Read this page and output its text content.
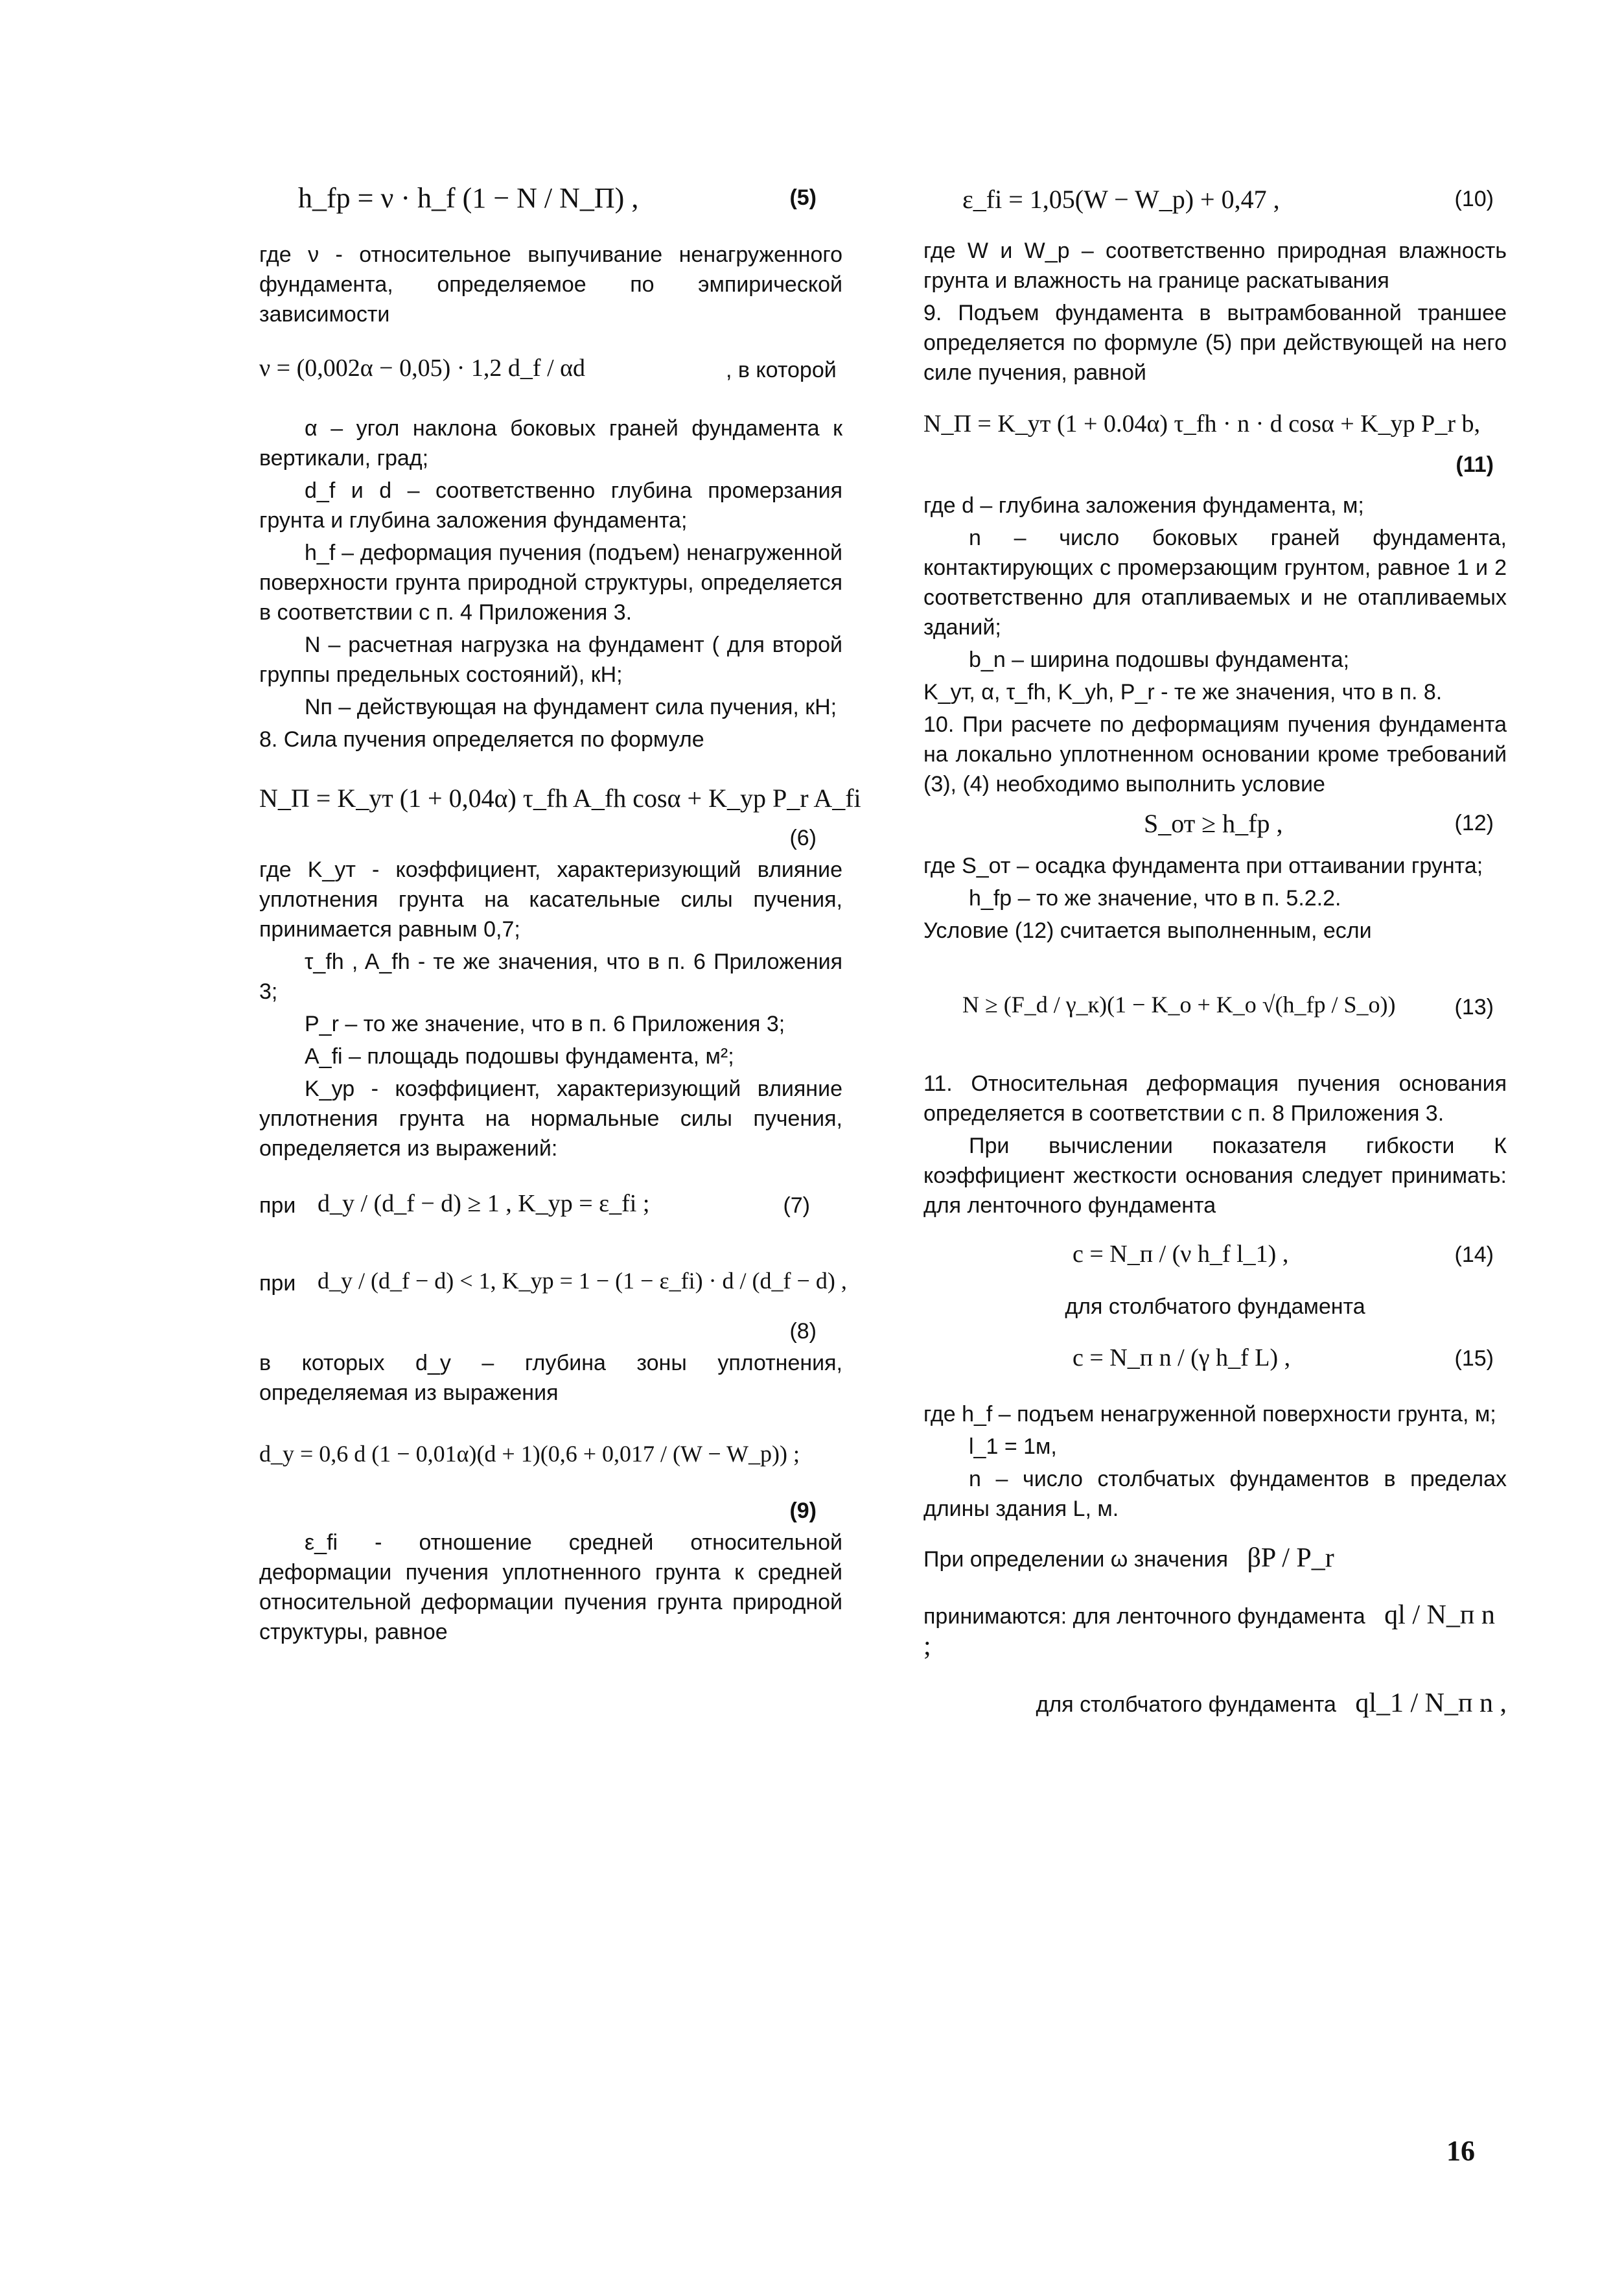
h_fp = ν · h_f (1 − N / N_П) ,	(5)

где ν - относительное выпучивание ненагруженного фундамента, определяемое по эмпирической зависимости

ν = (0,002α − 0,05) · 1,2 d_f / αd	, в которой

α – угол наклона боковых граней фундамента к вертикали, град;

d_f и d – соответственно глубина промерзания грунта и глубина заложения фундамента;

h_f – деформация пучения (подъем) ненагруженной поверхности грунта природной структуры, определяется в соответствии с п. 4 Приложения 3.

N – расчетная нагрузка на фундамент ( для второй группы предельных состояний), кН;

Nп – действующая на фундамент сила пучения, кН;

8. Сила пучения определяется по формуле

N_П = K_ут (1 + 0,04α) τ_fh A_fh cosα + K_ур P_r A_fi
(6)

где K_ут - коэффициент, характеризующий влияние уплотнения грунта на касательные силы пучения, принимается равным 0,7;

τ_fh , A_fh - те же значения, что в п. 6 Приложения 3;

P_r – то же значение, что в п. 6 Приложения 3;

A_fi – площадь подошвы фундамента, м²;

K_ур - коэффициент, характеризующий влияние уплотнения грунта на нормальные силы пучения, определяется из выражений:

при d_y / (d_f − d) ≥ 1 , K_ур = ε_fi ;	(7)
при d_y / (d_f − d) < 1, K_ур = 1 − (1 − ε_fi) · d / (d_f − d) ,
(8)

в которых d_y – глубина зоны уплотнения, определяемая из выражения

d_y = 0,6 d (1 − 0,01α)(d + 1)(0,6 + 0,017 / (W − W_p)) ;
(9)

ε_fi - отношение средней относительной деформации пучения уплотненного грунта к средней относительной деформации пучения грунта природной структуры, равное

ε_fi = 1,05(W − W_p) + 0,47 ,	(10)

где W и W_p – соответственно природная влажность грунта и влажность на границе раскатывания

9. Подъем фундамента в вытрамбованной траншее определяется по формуле (5) при действующей на него силе пучения, равной

N_П = K_ут (1 + 0.04α) τ_fh · n · d cosα + K_ур P_r b,
(11)

где d – глубина заложения фундамента, м;

n – число боковых граней фундамента, контактирующих с промерзающим грунтом, равное 1 и 2 соответственно для отапливаемых и не отапливаемых зданий;

b_n – ширина подошвы фундамента;

K_ут, α, τ_fh, K_yh, P_r - те же значения, что в п. 8.

10. При расчете по деформациям пучения фундамента на локально уплотненном основании кроме требований (3), (4) необходимо выполнить условие

S_от ≥ h_fp ,	(12)

где S_от – осадка фундамента при оттаивании грунта;

h_fp – то же значение, что в п. 5.2.2.

Условие (12) считается выполненным, если

N ≥ (F_d / γ_к)(1 − K_o + K_o √(h_fp / S_o))	(13)

11. Относительная деформация пучения основания определяется в соответствии с п. 8 Приложения 3.

При вычислении показателя гибкости К коэффициент жесткости основания следует принимать: для ленточного фундамента

c = N_п / (ν h_f l_1) ,	(14)

для столбчатого фундамента

c = N_п n / (γ h_f L) ,	(15)

где h_f – подъем ненагруженной поверхности грунта, м;

l_1 = 1м,

n – число столбчатых фундаментов в пределах длины здания L, м.

При определении ω значения βP / P_r
принимаются: для ленточного фундамента ql / N_п n ;
для столбчатого фундамента ql_1 / N_п n ,
16
